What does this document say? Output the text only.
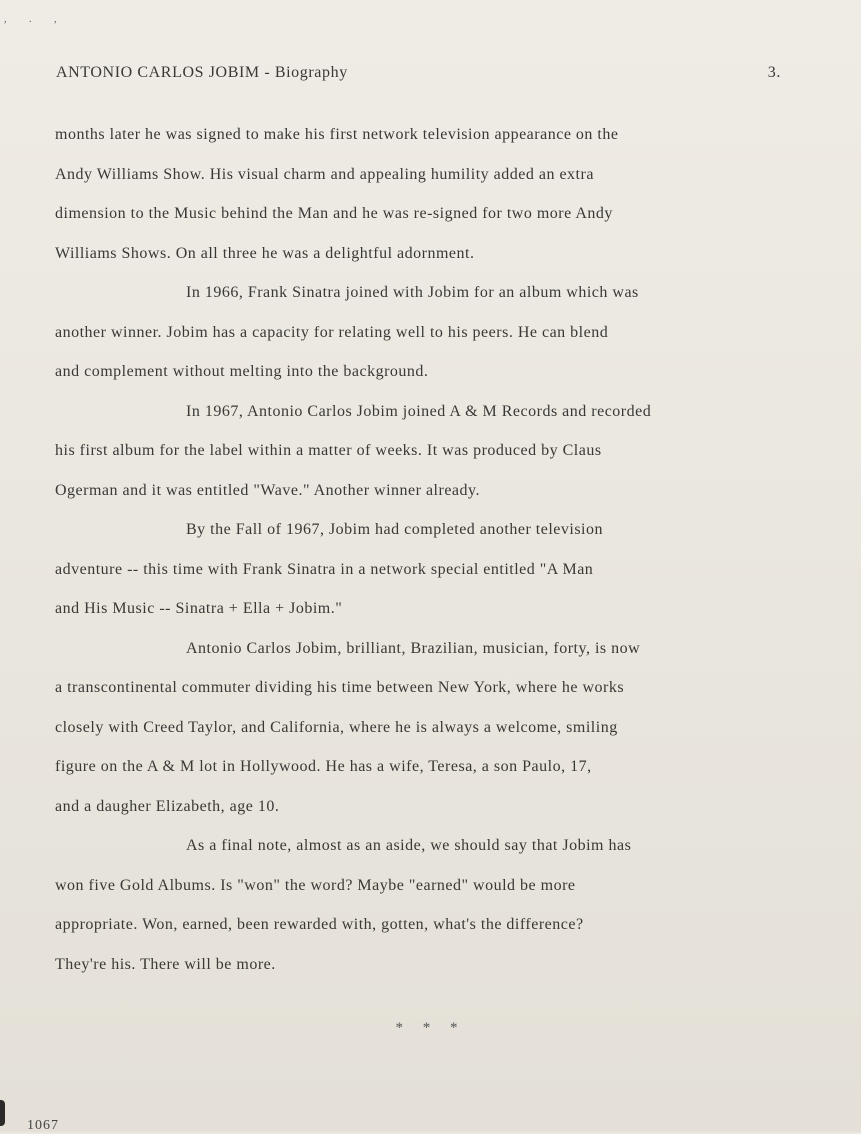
, . ,
ANTONIO CARLOS JOBIM - Biography	3.
months later he was signed to make his first network television appearance on the
Andy Williams Show. His visual charm and appealing humility added an extra
dimension to the Music behind the Man and he was re-signed for two more Andy
Williams Shows. On all three he was a delightful adornment.
In 1966, Frank Sinatra joined with Jobim for an album which was
another winner. Jobim has a capacity for relating well to his peers. He can blend
and complement without melting into the background.
In 1967, Antonio Carlos Jobim joined A & M Records and recorded
his first album for the label within a matter of weeks. It was produced by Claus
Ogerman and it was entitled "Wave." Another winner already.
By the Fall of 1967, Jobim had completed another television
adventure -- this time with Frank Sinatra in a network special entitled "A Man
and His Music -- Sinatra + Ella + Jobim."
Antonio Carlos Jobim, brilliant, Brazilian, musician, forty, is now
a transcontinental commuter dividing his time between New York, where he works
closely with Creed Taylor, and California, where he is always a welcome, smiling
figure on the A & M lot in Hollywood. He has a wife, Teresa, a son Paulo, 17,
and a daugher Elizabeth, age 10.
As a final note, almost as an aside, we should say that Jobim has
won five Gold Albums. Is "won" the word? Maybe "earned" would be more
appropriate. Won, earned, been rewarded with, gotten, what's the difference?
They're his. There will be more.
* * *
1067
